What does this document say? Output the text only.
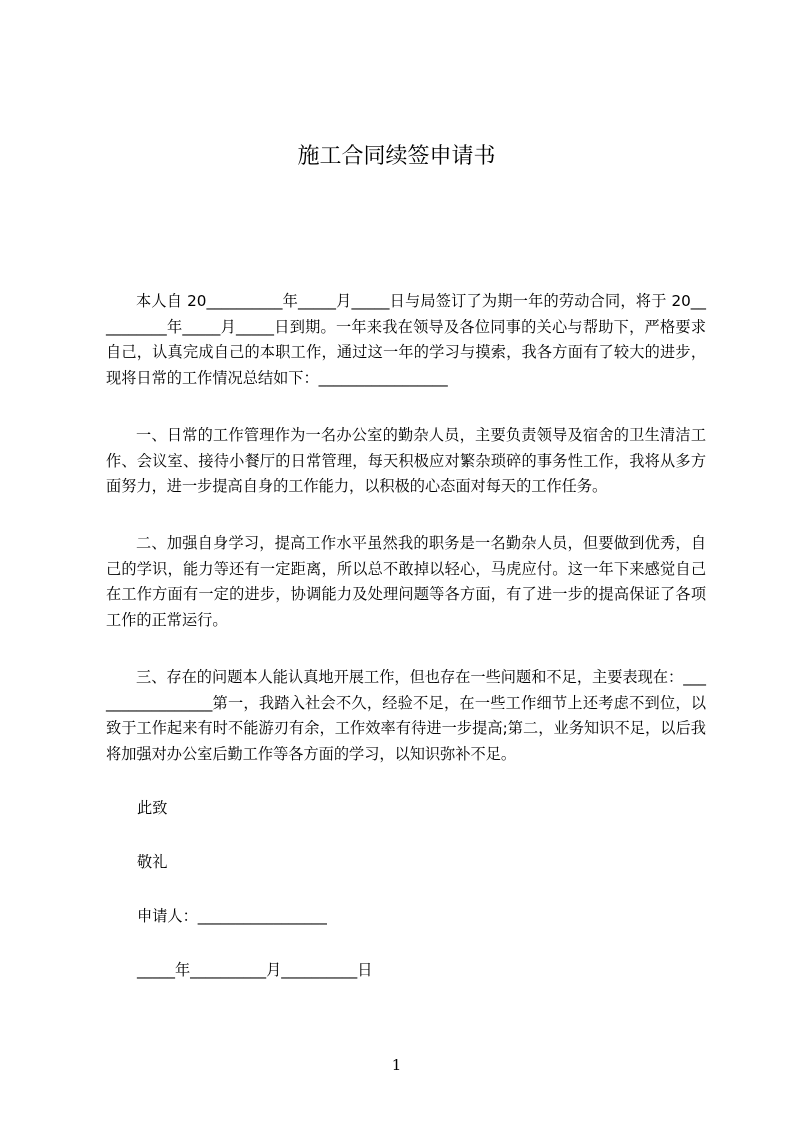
施工合同续签申请书

本人自 20__________年_____月_____日与局签订了为期一年的劳动合同，将于 20__________年_____月_____日到期。一年来我在领导及各位同事的关心与帮助下，严格要求自己，认真完成自己的本职工作，通过这一年的学习与摸索，我各方面有了较大的进步，现将日常的工作情况总结如下：_________________

一、日常的工作管理作为一名办公室的勤杂人员，主要负责领导及宿舍的卫生清洁工作、会议室、接待小餐厅的日常管理，每天积极应对繁杂琐碎的事务性工作，我将从多方面努力，进一步提高自身的工作能力，以积极的心态面对每天的工作任务。

二、加强自身学习，提高工作水平虽然我的职务是一名勤杂人员，但要做到优秀，自己的学识，能力等还有一定距离，所以总不敢掉以轻心，马虎应付。这一年下来感觉自己在工作方面有一定的进步，协调能力及处理问题等各方面，有了进一步的提高保证了各项工作的正常运行。

三、存在的问题本人能认真地开展工作，但也存在一些问题和不足，主要表现在：_________________第一，我踏入社会不久，经验不足，在一些工作细节上还考虑不到位，以致于工作起来有时不能游刃有余，工作效率有待进一步提高;第二，业务知识不足，以后我将加强对办公室后勤工作等各方面的学习，以知识弥补不足。

此致
敬礼
申请人：_________________
_____年__________月__________日
1
